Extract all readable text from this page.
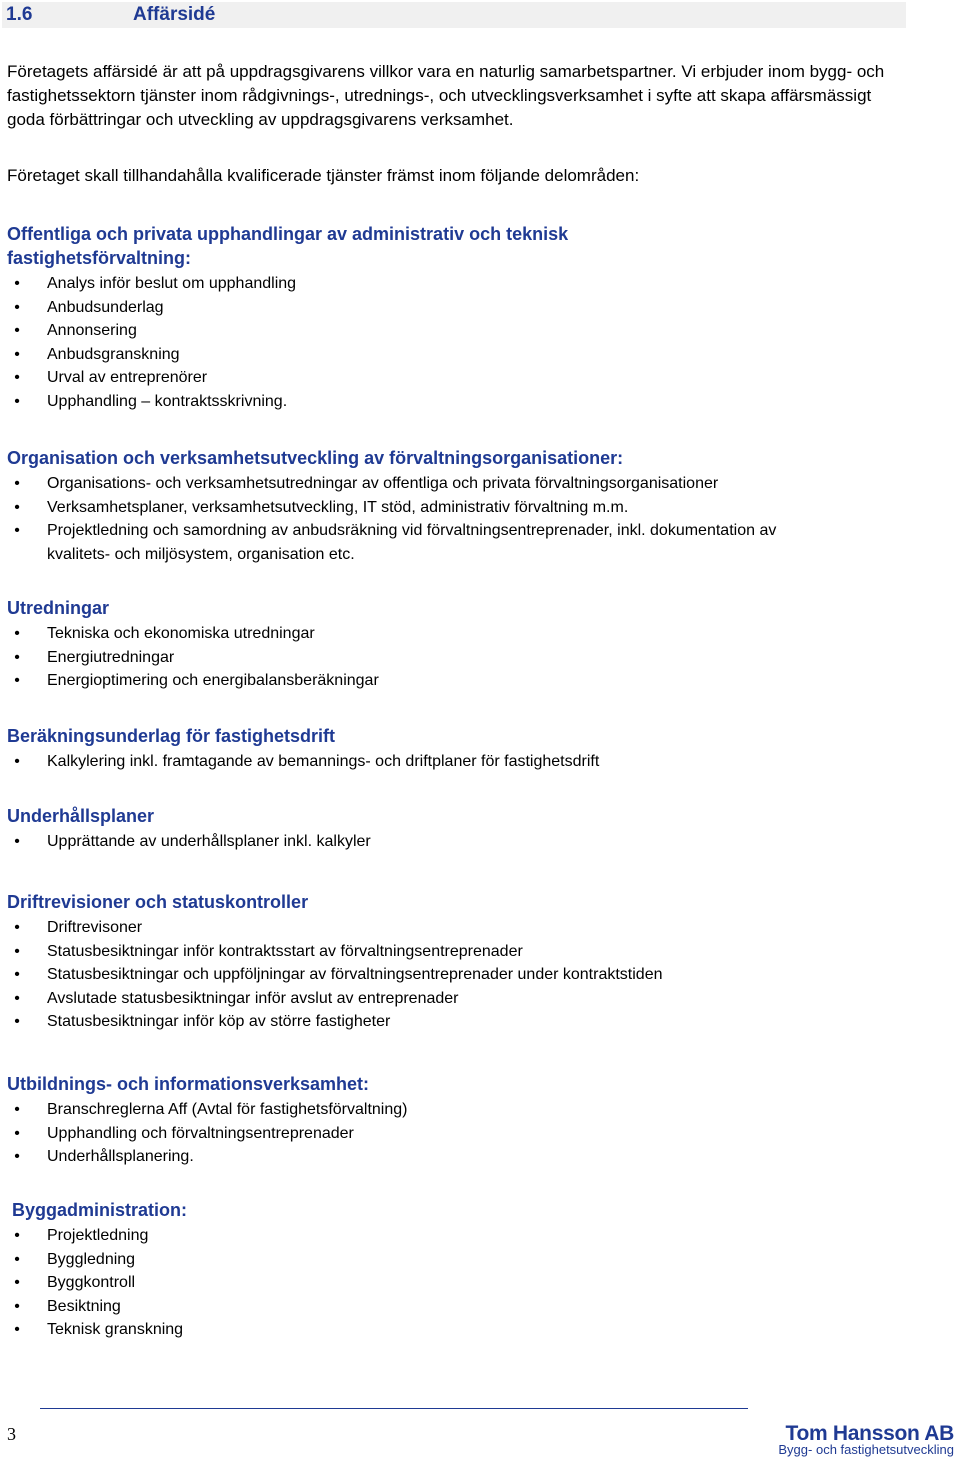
1.6	Affärsidé

Företagets affärsidé är att på uppdragsgivarens villkor vara en naturlig samarbetspartner. Vi erbjuder inom bygg- och fastighetssektorn tjänster inom rådgivnings-, utrednings-, och utvecklingsverksamhet i syfte att skapa affärsmässigt goda förbättringar och utveckling av uppdragsgivarens verksamhet.

Företaget skall tillhandahålla kvalificerade tjänster främst inom följande delområden:

Offentliga och privata upphandlingar av administrativ och teknisk fastighetsförvaltning:
• Analys inför beslut om upphandling
• Anbudsunderlag
• Annonsering
• Anbudsgranskning
• Urval av entreprenörer
• Upphandling – kontraktsskrivning.
Organisation och verksamhetsutveckling av förvaltningsorganisationer:
• Organisations- och verksamhetsutredningar av offentliga och privata förvaltningsorganisationer
• Verksamhetsplaner, verksamhetsutveckling, IT stöd, administrativ förvaltning m.m.
• Projektledning och samordning av anbudsräkning vid förvaltningsentreprenader, inkl. dokumentation av kvalitets- och miljösystem, organisation etc.
Utredningar
• Tekniska och ekonomiska utredningar
• Energiutredningar
• Energioptimering och energibalansberäkningar
Beräkningsunderlag för fastighetsdrift
• Kalkylering inkl. framtagande av bemannings- och driftplaner för fastighetsdrift
Underhållsplaner
• Upprättande av underhållsplaner inkl. kalkyler
Driftrevisioner och statuskontroller
• Driftrevisoner
• Statusbesiktningar inför kontraktsstart av förvaltningsentreprenader
• Statusbesiktningar och uppföljningar av förvaltningsentreprenader under kontraktstiden
• Avslutade statusbesiktningar inför avslut av entreprenader
• Statusbesiktningar inför köp av större fastigheter
Utbildnings- och informationsverksamhet:
• Branschreglerna Aff (Avtal för fastighetsförvaltning)
• Upphandling och förvaltningsentreprenader
• Underhållsplanering.
Byggadministration:
• Projektledning
• Byggledning
• Byggkontroll
• Besiktning
• Teknisk granskning
3	Tom Hansson AB
Bygg- och fastighetsutveckling
